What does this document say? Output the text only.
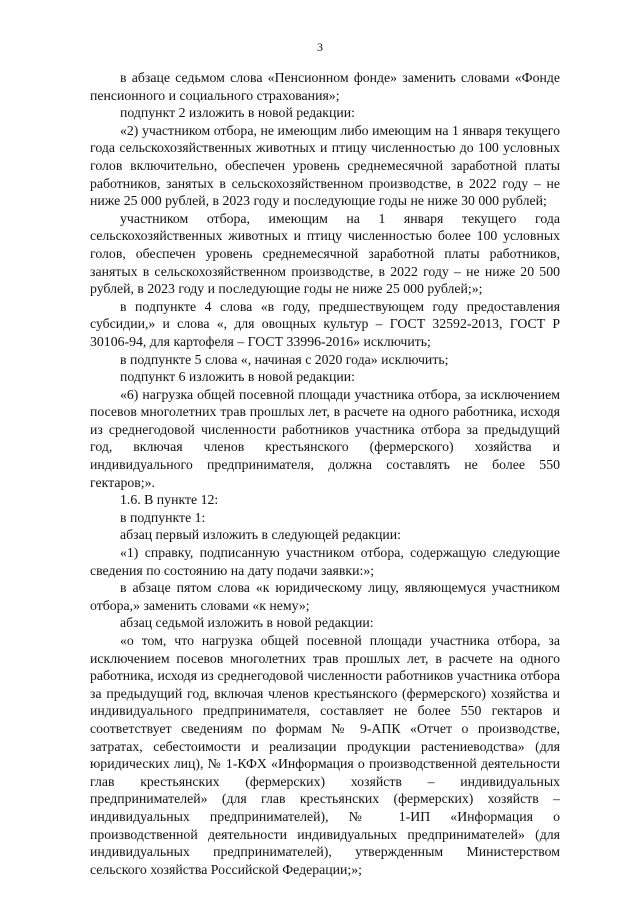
3

в абзаце седьмом слова «Пенсионном фонде» заменить словами «Фонде пенсионного и социального страхования»;

подпункт 2 изложить в новой редакции:

«2) участником отбора, не имеющим либо имеющим на 1 января текущего года сельскохозяйственных животных и птицу численностью до 100 условных голов включительно, обеспечен уровень среднемесячной заработной платы работников, занятых в сельскохозяйственном производстве, в 2022 году – не ниже 25 000 рублей, в 2023 году и последующие годы не ниже 30 000 рублей;

участником отбора, имеющим на 1 января текущего года сельскохозяйственных животных и птицу численностью более 100 условных голов, обеспечен уровень среднемесячной заработной платы работников, занятых в сельскохозяйственном производстве, в 2022 году – не ниже 20 500 рублей, в 2023 году и последующие годы не ниже 25 000 рублей;»;

в подпункте 4 слова «в году, предшествующем году предоставления субсидии,» и слова «, для овощных культур – ГОСТ 32592-2013, ГОСТ Р 30106-94, для картофеля – ГОСТ 33996-2016» исключить;

в подпункте 5 слова «, начиная с 2020 года» исключить;

подпункт 6 изложить в новой редакции:

«6) нагрузка общей посевной площади участника отбора, за исключением посевов многолетних трав прошлых лет, в расчете на одного работника, исходя из среднегодовой численности работников участника отбора за предыдущий год, включая членов крестьянского (фермерского) хозяйства и индивидуального предпринимателя, должна составлять не более 550 гектаров;».

1.6. В пункте 12:

в подпункте 1:

абзац первый изложить в следующей редакции:

«1) справку, подписанную участником отбора, содержащую следующие сведения по состоянию на дату подачи заявки:»;

в абзаце пятом слова «к юридическому лицу, являющемуся участником отбора,» заменить словами «к нему»;

абзац седьмой изложить в новой редакции:

«о том, что нагрузка общей посевной площади участника отбора, за исключением посевов многолетних трав прошлых лет, в расчете на одного работника, исходя из среднегодовой численности работников участника отбора за предыдущий год, включая членов крестьянского (фермерского) хозяйства и индивидуального предпринимателя, составляет не более 550 гектаров и соответствует сведениям по формам № 9-АПК «Отчет о производстве, затратах, себестоимости и реализации продукции растениеводства» (для юридических лиц), № 1-КФХ «Информация о производственной деятельности глав крестьянских (фермерских) хозяйств – индивидуальных предпринимателей» (для глав крестьянских (фермерских) хозяйств – индивидуальных предпринимателей), № 1-ИП «Информация о производственной деятельности индивидуальных предпринимателей» (для индивидуальных предпринимателей), утвержденным Министерством сельского хозяйства Российской Федерации;»;
